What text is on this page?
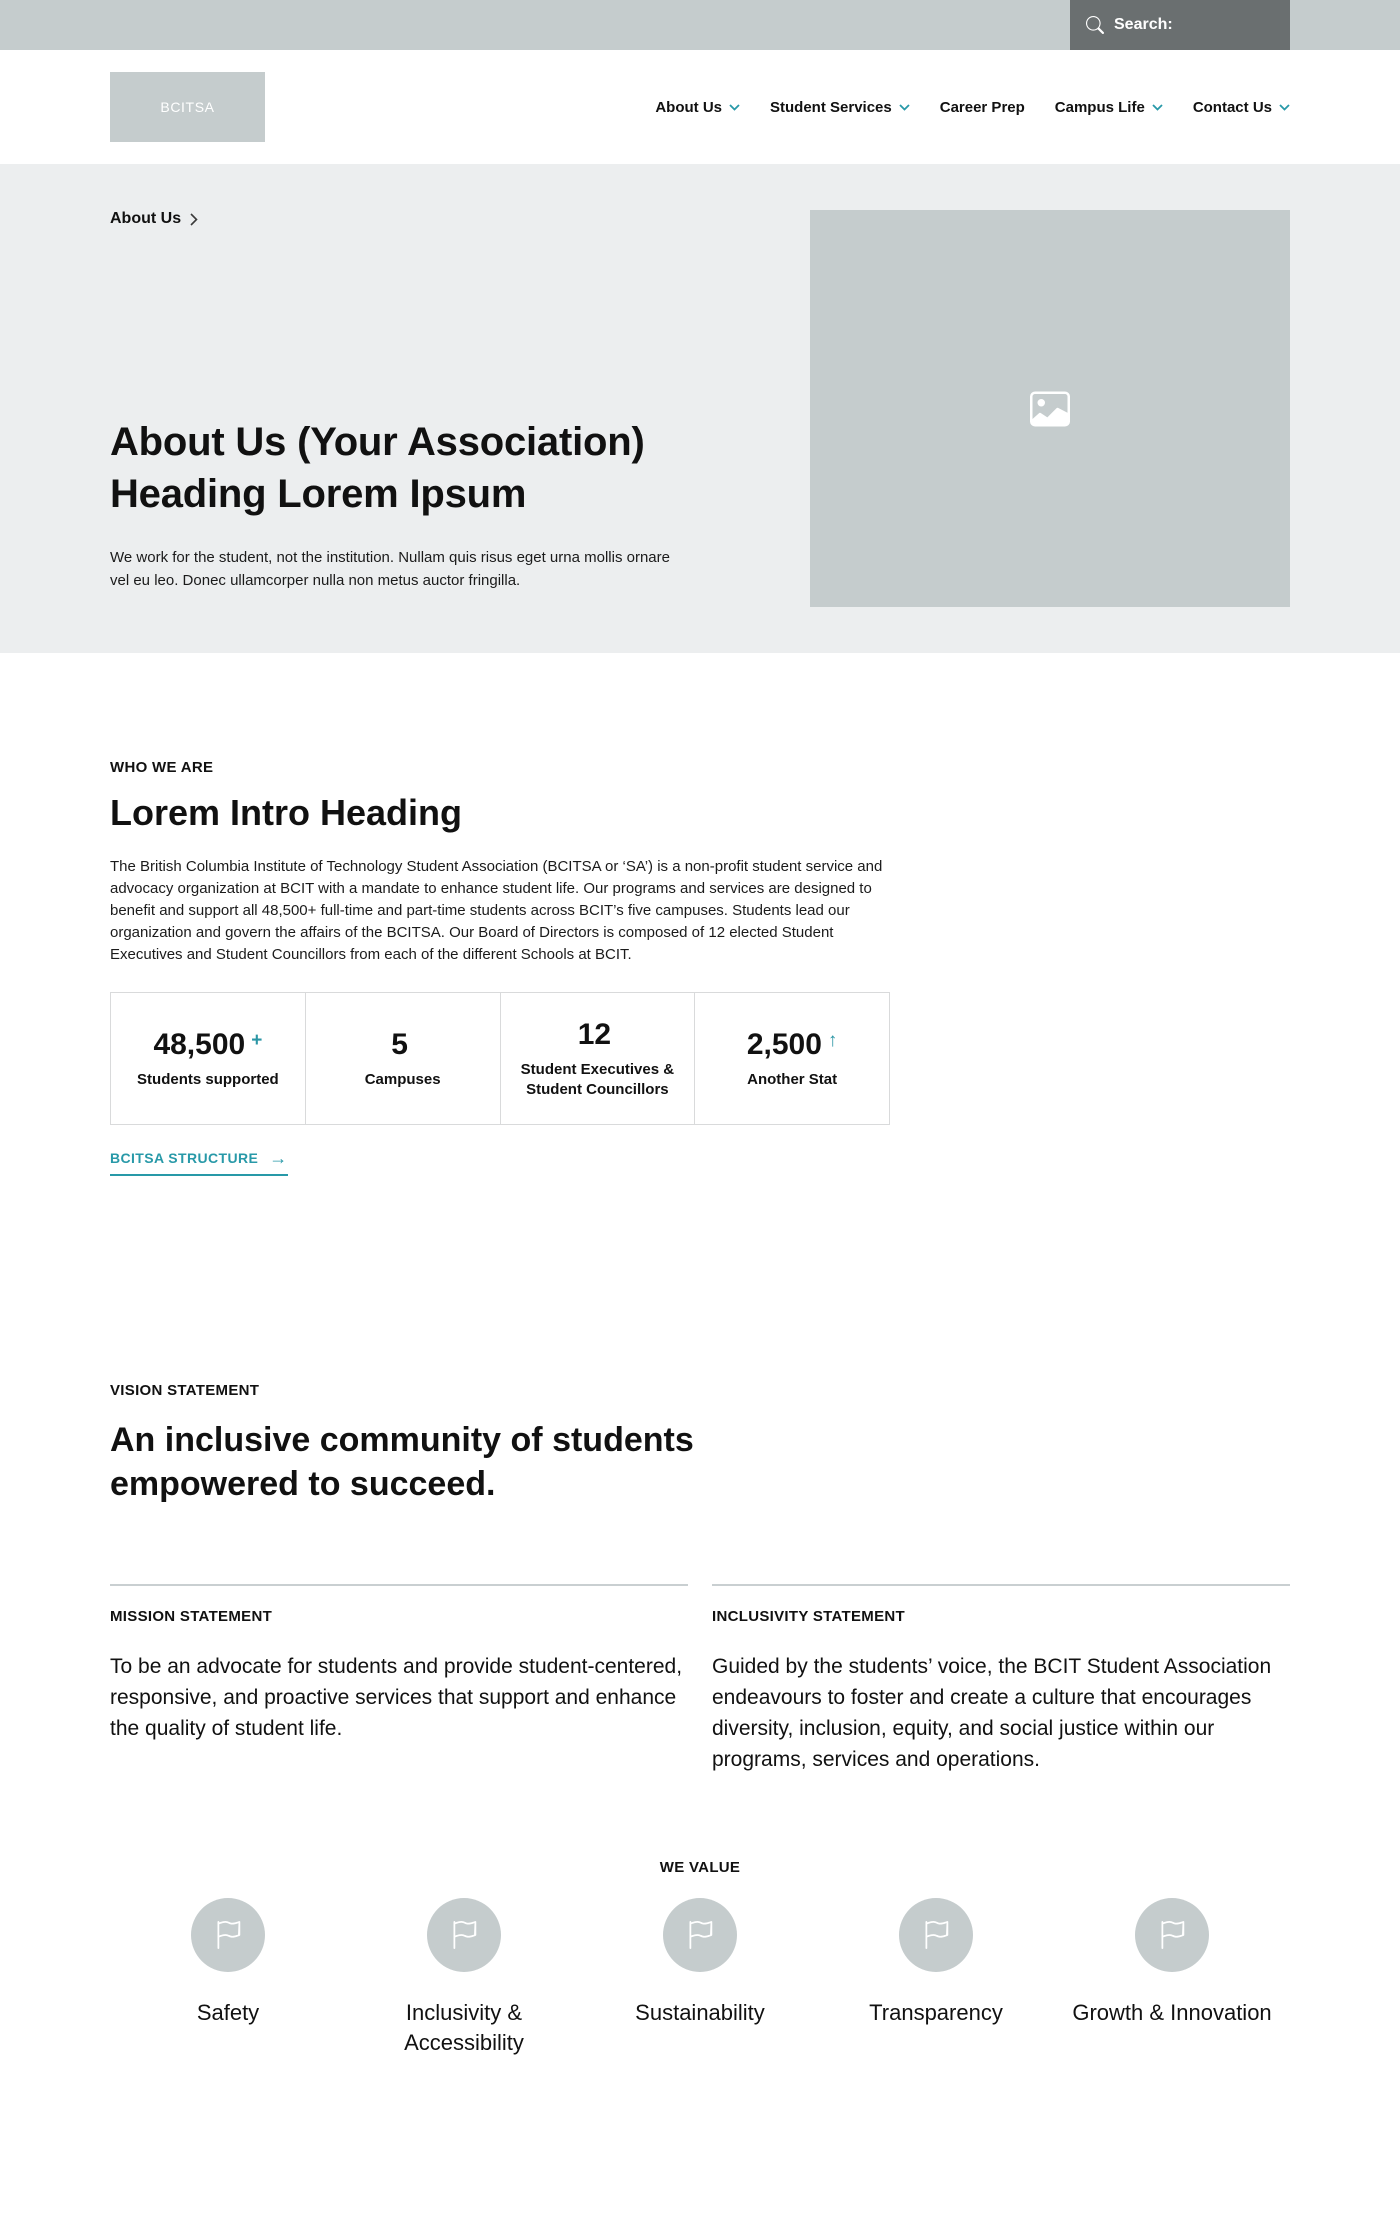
Search:
BCITSA	About Us	Student Services	Career Prep Campus Life	Contact Us
About Us
About Us (Your Association) Heading Lorem Ipsum

We work for the student, not the institution. Nullam quis risus eget urna mollis ornare vel eu leo. Donec ullamcorper nulla non metus auctor fringilla.

WHO WE ARE
Lorem Intro Heading

The British Columbia Institute of Technology Student Association (BCITSA or ‘SA’) is a non-profit student service and advocacy organization at BCIT with a mandate to enhance student life. Our programs and services are designed to benefit and support all 48,500+ full-time and part-time students across BCIT’s five campuses. Students lead our organization and govern the affairs of the BCITSA. Our Board of Directors is composed of 12 elected Student Executives and Student Councillors from each of the different Schools at BCIT.

48,500 +
Students supported
5
Campuses
12
Student Executives & Student Councillors
2,500 ↑
Another Stat
BCITSA STRUCTURE →
VISION STATEMENT
An inclusive community of students empowered to succeed.
MISSION STATEMENT

To be an advocate for students and provide student-centered, responsive, and proactive services that support and enhance the quality of student life.

INCLUSIVITY STATEMENT

Guided by the students’ voice, the BCIT Student Association endeavours to foster and create a culture that encourages diversity, inclusion, equity, and social justice within our programs, services and operations.

WE VALUE
Safety	Inclusivity & Accessibility
Sustainability	Transparency	Growth & Innovation
